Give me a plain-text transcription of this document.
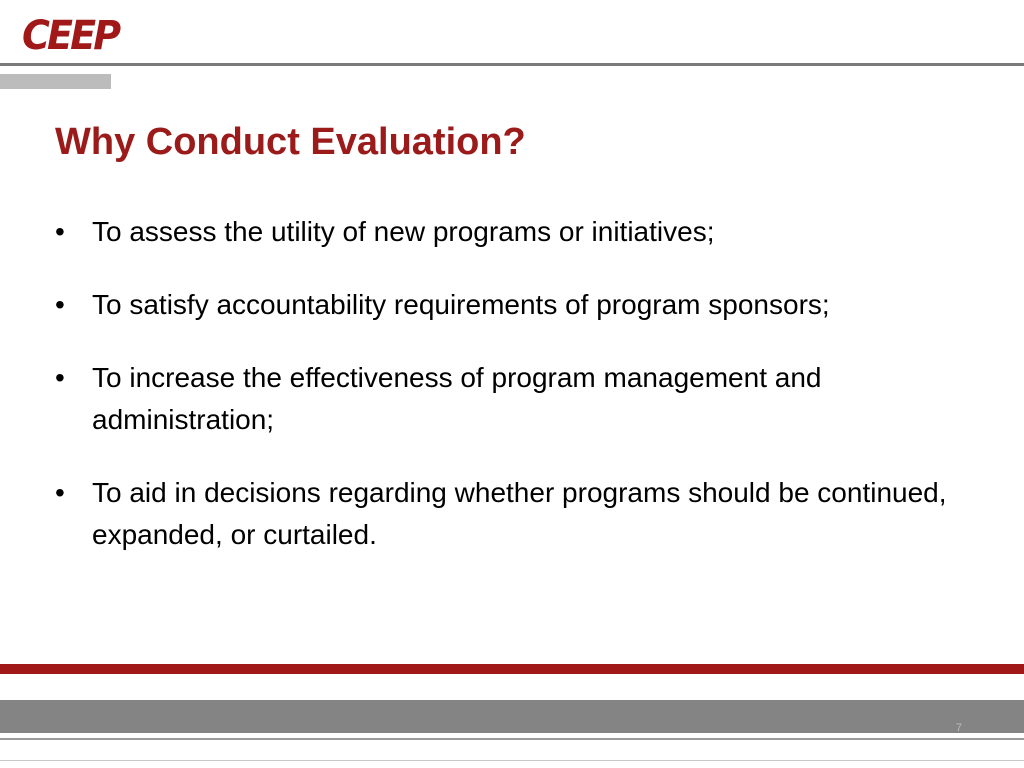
CEEP
Why Conduct Evaluation?
• To assess the utility of new programs or initiatives;
• To satisfy accountability requirements of program sponsors;
• To increase the effectiveness of program management and administration;
• To aid in decisions regarding whether programs should be continued, expanded, or curtailed.
7
